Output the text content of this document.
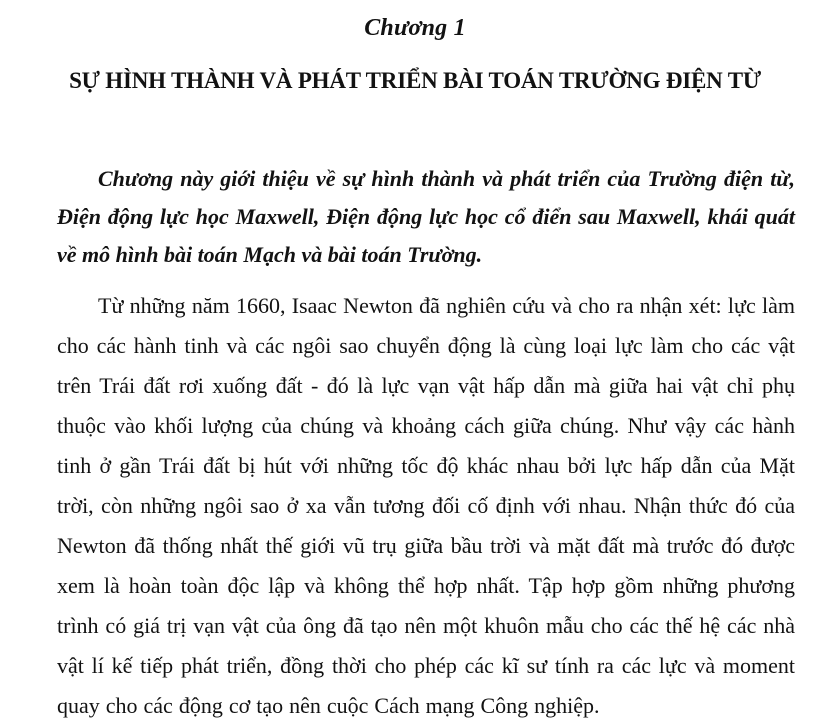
Chương 1
SỰ HÌNH THÀNH VÀ PHÁT TRIỂN BÀI TOÁN TRƯỜNG ĐIỆN TỪ

Chương này giới thiệu về sự hình thành và phát triển của Trường điện từ, Điện động lực học Maxwell, Điện động lực học cổ điển sau Maxwell, khái quát về mô hình bài toán Mạch và bài toán Trường.

Từ những năm 1660, Isaac Newton đã nghiên cứu và cho ra nhận xét: lực làm cho các hành tinh và các ngôi sao chuyển động là cùng loại lực làm cho các vật trên Trái đất rơi xuống đất - đó là lực vạn vật hấp dẫn mà giữa hai vật chỉ phụ thuộc vào khối lượng của chúng và khoảng cách giữa chúng. Như vậy các hành tinh ở gần Trái đất bị hút với những tốc độ khác nhau bởi lực hấp dẫn của Mặt trời, còn những ngôi sao ở xa vẫn tương đối cố định với nhau. Nhận thức đó của Newton đã thống nhất thế giới vũ trụ giữa bầu trời và mặt đất mà trước đó được xem là hoàn toàn độc lập và không thể hợp nhất. Tập hợp gồm những phương trình có giá trị vạn vật của ông đã tạo nên một khuôn mẫu cho các thế hệ các nhà vật lí kế tiếp phát triển, đồng thời cho phép các kĩ sư tính ra các lực và moment quay cho các động cơ tạo nên cuộc Cách mạng Công nghiệp.
